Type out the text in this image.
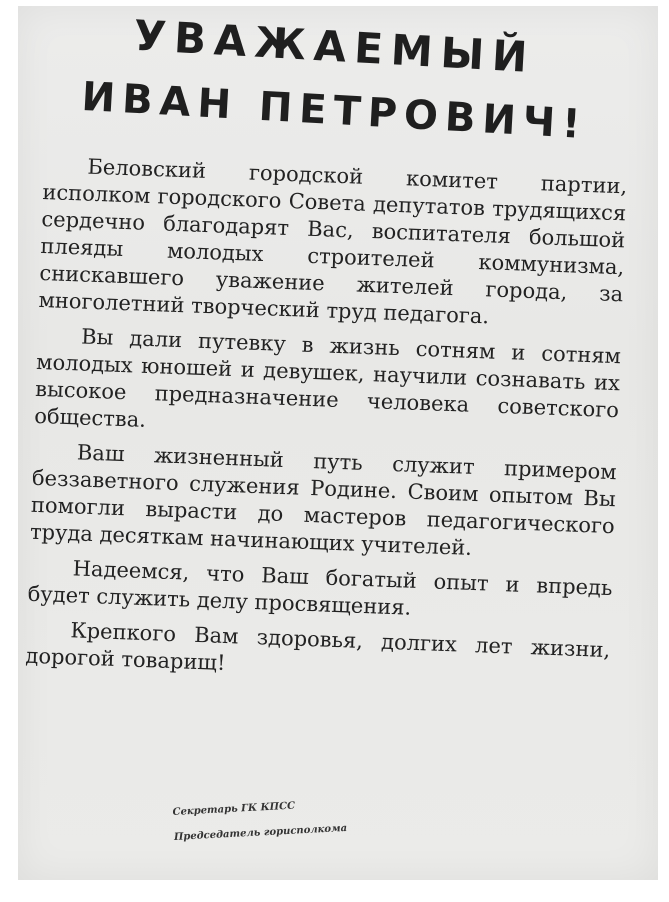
УВАЖАЕМЫЙ
ИВАН ПЕТРОВИЧ!

Беловский городской комитет партии, исполком городского Совета депутатов трудящихся сердечно благодарят Вас, воспитателя большой плеяды молодых строителей коммунизма, снискавшего уважение жителей города, за многолетний творческий труд педагога.

Вы дали путевку в жизнь сотням и сотням молодых юношей и девушек, научили сознавать их высокое предназначение человека советского общества.

Ваш жизненный путь служит примером беззаветного служения Родине. Своим опытом Вы помогли вырасти до мастеров педагогического труда десяткам начинающих учителей.

Надеемся, что Ваш богатый опыт и впредь будет служить делу просвящения.

Крепкого Вам здоровья, долгих лет жизни, дорогой товарищ!

Секретарь ГК КПСС
Председатель горисполкома
